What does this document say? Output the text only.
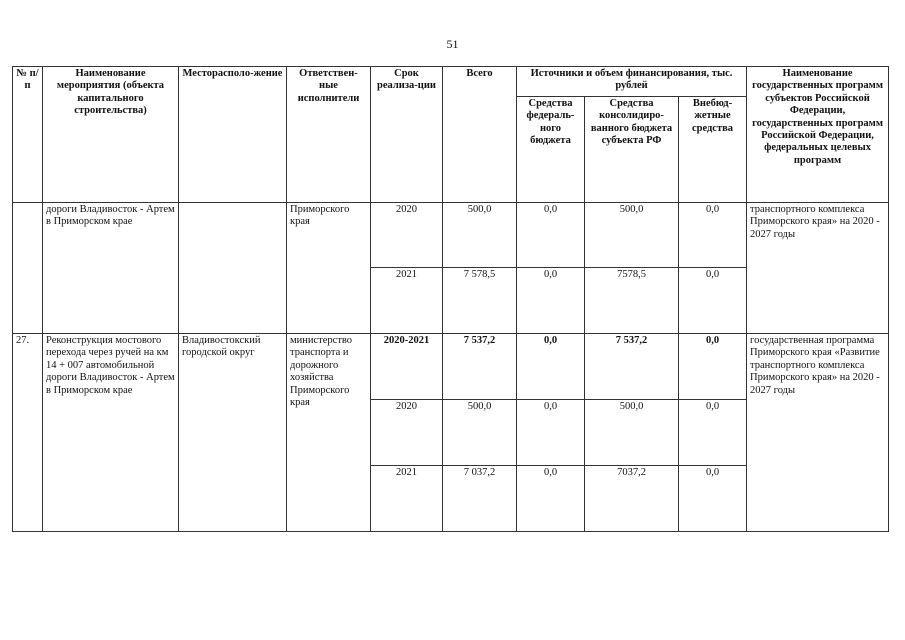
51
№ п/п	Наименование мероприятия (объекта капитального строительства)	Месторасполо-жение	Ответствен-ные исполнители	Срок реализа-ции	Всего	Источники и объем финансирования, тыс. рублей			Наименование государственных программ субъектов Российской Федерации, государственных программ Российской Федерации, федеральных целевых программ
						Средства федераль-ного бюджета	Средства консолидиро-ванного бюджета субъекта РФ	Внебюд-жетные средства	
	дороги Владивосток - Артем в Приморском крае		Приморского края	2020	500,0	0,0	500,0	0,0	транспортного комплекса Приморского края» на 2020 - 2027 годы
				2021	7 578,5	0,0	7578,5	0,0	
27.	Реконструкция мостового перехода через ручей на км 14 + 007 автомобильной дороги Владивосток - Артем в Приморском крае	Владивостокский городской округ	министерство транспорта и дорожного хозяйства Приморского края	2020-2021	7 537,2	0,0	7 537,2	0,0	государственная программа Приморского края «Развитие транспортного комплекса Приморского края» на 2020 - 2027 годы
				2020	500,0	0,0	500,0	0,0	
				2021	7 037,2	0,0	7037,2	0,0	
